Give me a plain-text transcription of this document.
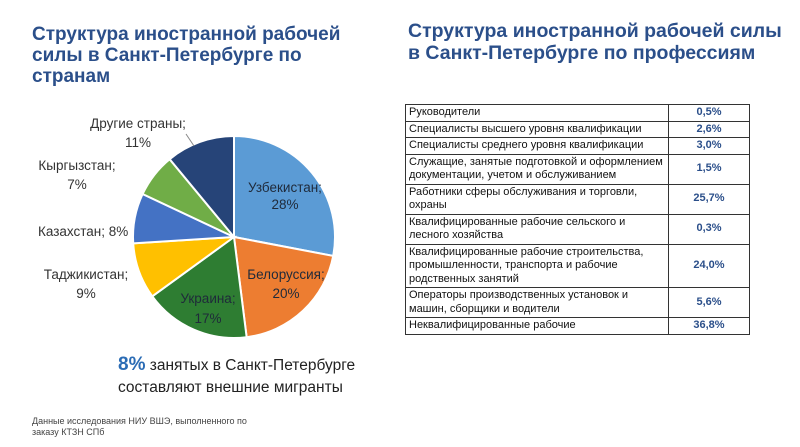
Структура иностранной рабочей силы в Санкт-Петербурге по странам
Узбекистан;
28%
Белоруссия;
20%
Украина;
17%
Таджикистан;
9%
Казахстан; 8%
Кыргызстан;
7%
Другие страны;
11%
8% занятых в Санкт-Петербурге
составляют внешние мигранты
Данные исследования НИУ ВШЭ, выполненного по заказу КТЗН СПб
Структура иностранной рабочей силы в Санкт-Петербурге по профессиям
Руководители	0,5%
Специалисты высшего уровня квалификации	2,6%
Специалисты среднего уровня квалификации	3,0%
Служащие, занятые подготовкой и оформлением документации, учетом и обслуживанием	1,5%
Работники сферы обслуживания и торговли, охраны	25,7%
Квалифицированные рабочие сельского и лесного хозяйства	0,3%
Квалифицированные рабочие строительства, промышленности, транспорта и рабочие родственных занятий	24,0%
Операторы производственных установок и машин, сборщики и водители	5,6%
Неквалифицированные рабочие	36,8%
